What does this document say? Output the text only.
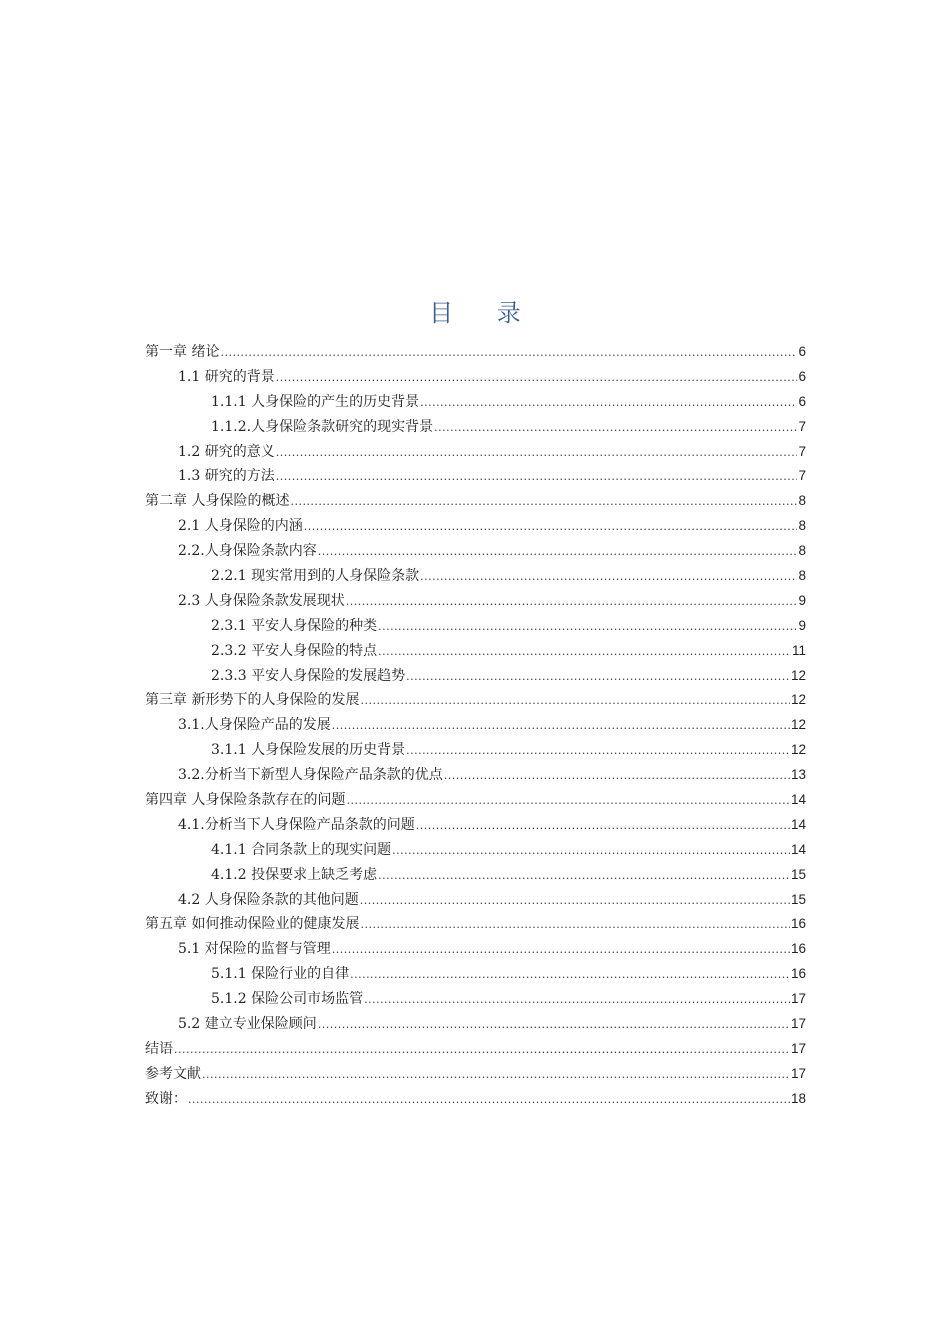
目 录
第一章 绪论 .....	6
1.1 研究的背景 .....	6
1.1.1 人身保险的产生的历史背景 .....	6
1.1.2.人身保险条款研究的现实背景 .....	7
1.2 研究的意义 .....	7
1.3 研究的方法 .....	7
第二章 人身保险的概述 .....	8
2.1 人身保险的内涵 .....	8
2.2.人身保险条款内容 .....	8
2.2.1 现实常用到的人身保险条款 .....	8
2.3 人身保险条款发展现状 .....	9
2.3.1 平安人身保险的种类 .....	9
2.3.2 平安人身保险的特点 .....	11
2.3.3 平安人身保险的发展趋势 .....	12
第三章 新形势下的人身保险的发展 .....	12
3.1.人身保险产品的发展 .....	12
3.1.1 人身保险发展的历史背景 .....	12
3.2.分析当下新型人身保险产品条款的优点 .....	13
第四章 人身保险条款存在的问题 .....	14
4.1.分析当下人身保险产品条款的问题 .....	14
4.1.1 合同条款上的现实问题 .....	14
4.1.2 投保要求上缺乏考虑 .....	15
4.2 人身保险条款的其他问题 .....	15
第五章 如何推动保险业的健康发展 .....	16
5.1 对保险的监督与管理 .....	16
5.1.1 保险行业的自律 .....	16
5.1.2 保险公司市场监管 .....	17
5.2 建立专业保险顾问 .....	17
结语 .....	17
参考文献 .....	17
致谢： .....	18
